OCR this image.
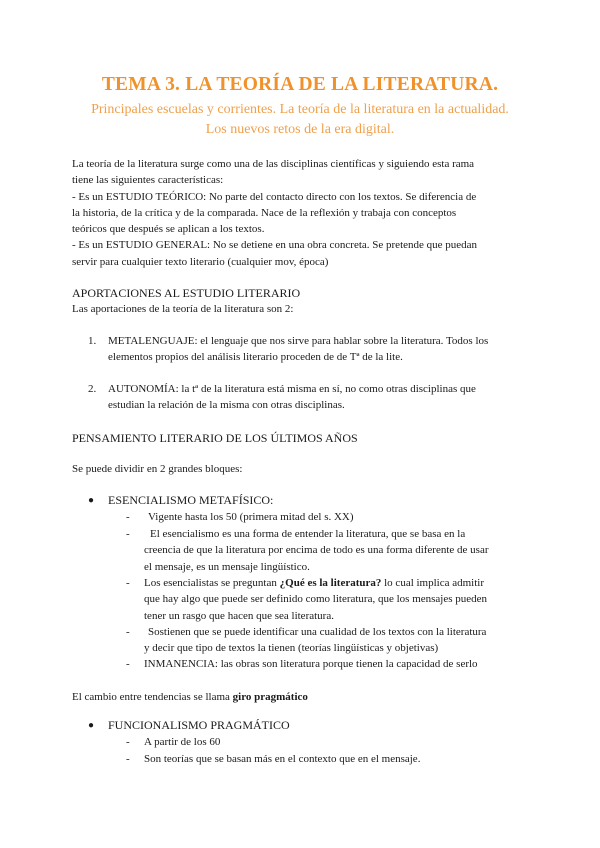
TEMA 3. LA TEORÍA DE LA LITERATURA.
Principales escuelas y corrientes. La teoría de la literatura en la actualidad.
Los nuevos retos de la era digital.
La teoría de la literatura surge como una de las disciplinas científicas y siguiendo esta rama
tiene las siguientes características:
- Es un ESTUDIO TEÓRICO: No parte del contacto directo con los textos. Se diferencia de
la historia, de la crítica y de la comparada. Nace de la reflexión y trabaja con conceptos
teóricos que después se aplican a los textos.
- Es un ESTUDIO GENERAL: No se detiene en una obra concreta. Se pretende que puedan
servir para cualquier texto literario (cualquier mov, época)
APORTACIONES AL ESTUDIO LITERARIO
Las aportaciones de la teoría de la literatura son 2:
1. METALENGUAJE: el lenguaje que nos sirve para hablar sobre la literatura. Todos los
elementos propios del análisis literario proceden de de Tª de la lite.
2. AUTONOMÍA: la tª de la literatura está misma en sí, no como otras disciplinas que
estudian la relación de la misma con otras disciplinas.
PENSAMIENTO LITERARIO DE LOS ÚLTIMOS AÑOS
Se puede dividir en 2 grandes bloques:
● ESENCIALISMO METAFÍSICO:
- Vigente hasta los 50 (primera mitad del s. XX)
-	El esencialismo es una forma de entender la literatura, que se basa en la
creencia de que la literatura por encima de todo es una forma diferente de usar
el mensaje, es un mensaje lingüístico.
- Los esencialistas se preguntan ¿Qué es la literatura? lo cual implica admitir
que hay algo que puede ser definido como literatura, que los mensajes pueden
tener un rasgo que hacen que sea literatura.
-	Sostienen que se puede identificar una cualidad de los textos con la literatura
y decir que tipo de textos la tienen (teorías lingüísticas y objetivas)
- INMANENCIA: las obras son literatura porque tienen la capacidad de serlo
El cambio entre tendencias se llama giro pragmático
● FUNCIONALISMO PRAGMÁTICO
- A partir de los 60
- Son teorías que se basan más en el contexto que en el mensaje.
